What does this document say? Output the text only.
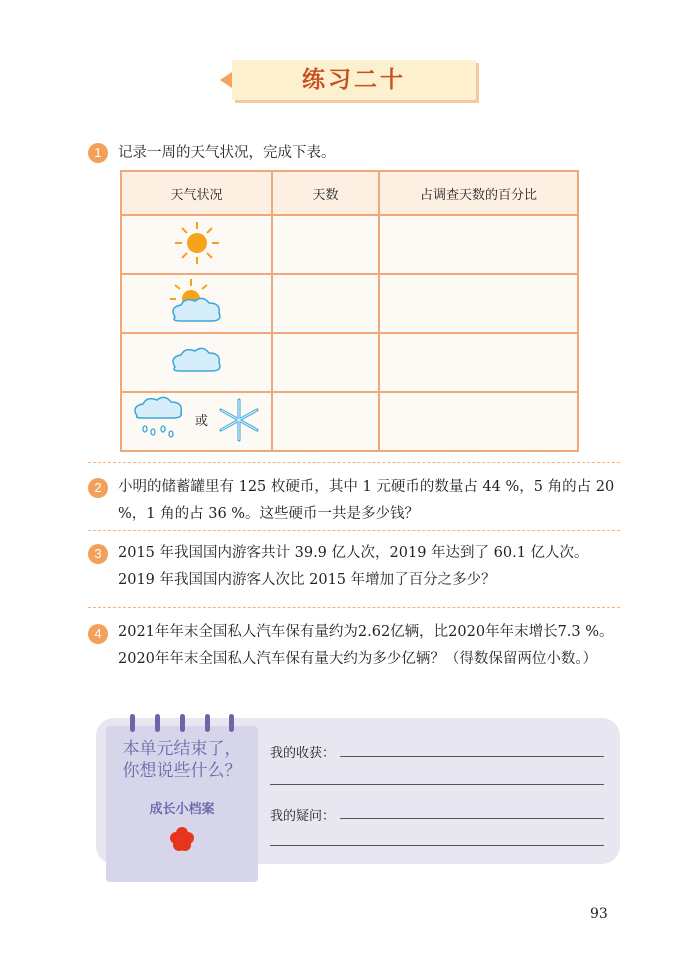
练习二十
1	记录一周的天气状况，完成下表。
天气状况	天数	占调查天数的百分比

或		

2	小明的储蓄罐里有 125 枚硬币，其中 1 元硬币的数量占 44 %，5 角的占 20 %，1 角的占 36 %。这些硬币一共是多少钱？
3	2015 年我国国内游客共计 39.9 亿人次，2019 年达到了 60.1 亿人次。2019 年我国国内游客人次比 2015 年增加了百分之多少？
4	2021年年末全国私人汽车保有量约为2.62亿辆，比2020年年末增长7.3 %。2020年年末全国私人汽车保有量大约为多少亿辆？（得数保留两位小数。）
本单元结束了，你想说些什么？
成长小档案
我的收获：
我的疑问：
93
